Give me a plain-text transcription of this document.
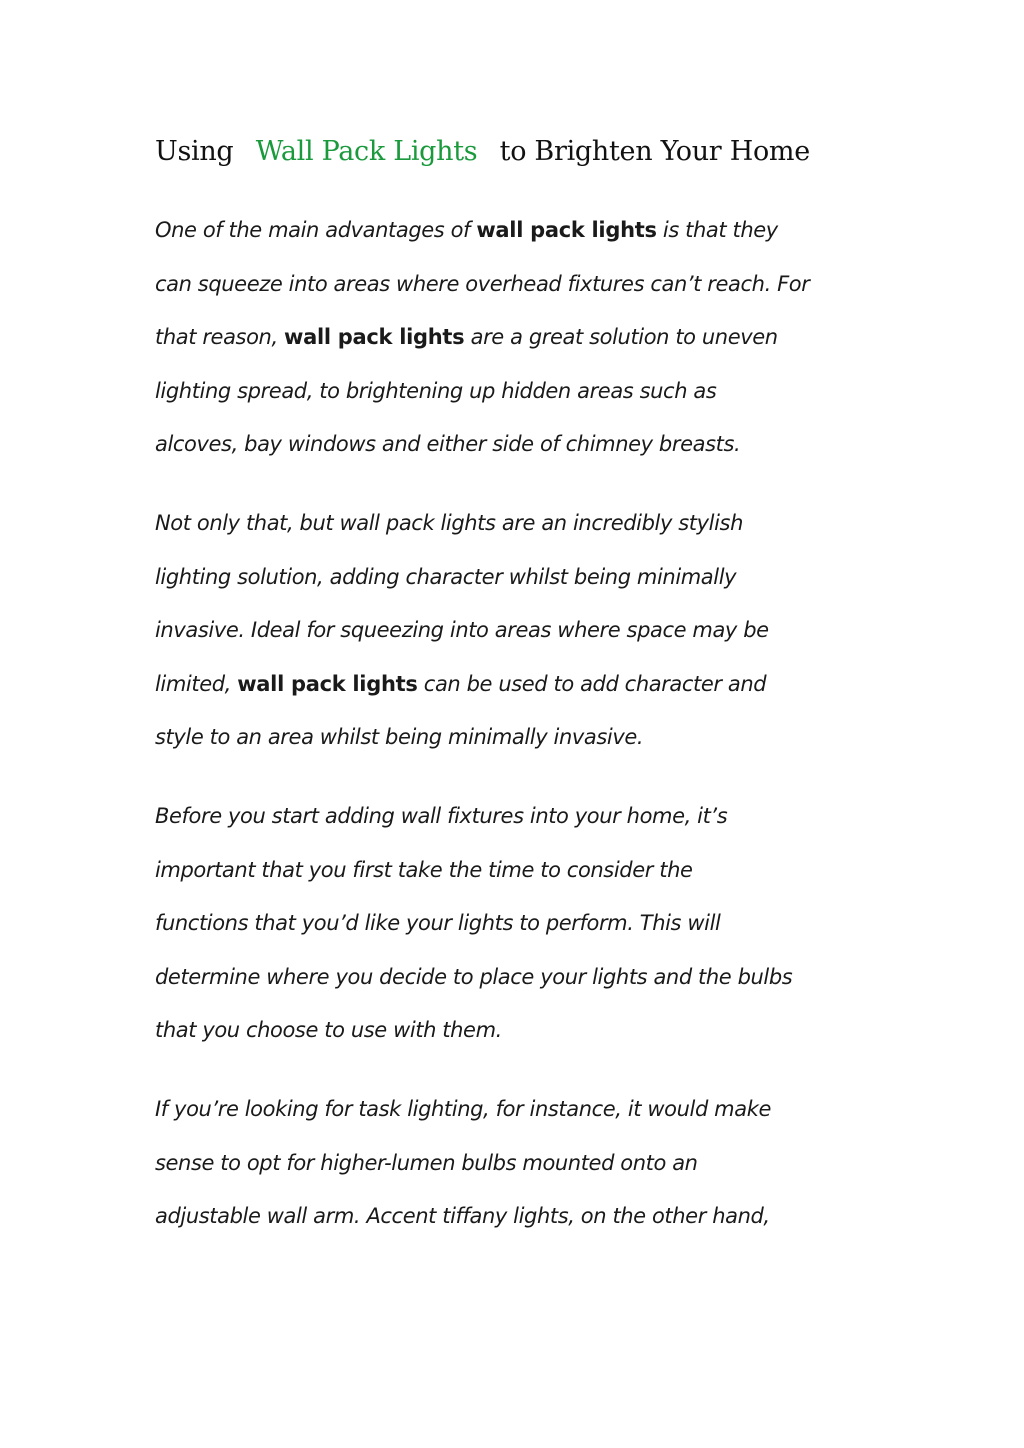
Using Wall Pack Lights to Brighten Your Home

One of the main advantages of wall pack lights is that they
can squeeze into areas where overhead fixtures can’t reach. For
that reason, wall pack lights are a great solution to uneven
lighting spread, to brightening up hidden areas such as
alcoves, bay windows and either side of chimney breasts.

Not only that, but wall pack lights are an incredibly stylish
lighting solution, adding character whilst being minimally
invasive. Ideal for squeezing into areas where space may be
limited, wall pack lights can be used to add character and
style to an area whilst being minimally invasive.

Before you start adding wall fixtures into your home, it’s
important that you first take the time to consider the
functions that you’d like your lights to perform. This will
determine where you decide to place your lights and the bulbs
that you choose to use with them.

If you’re looking for task lighting, for instance, it would make
sense to opt for higher-lumen bulbs mounted onto an
adjustable wall arm. Accent tiffany lights, on the other hand,
